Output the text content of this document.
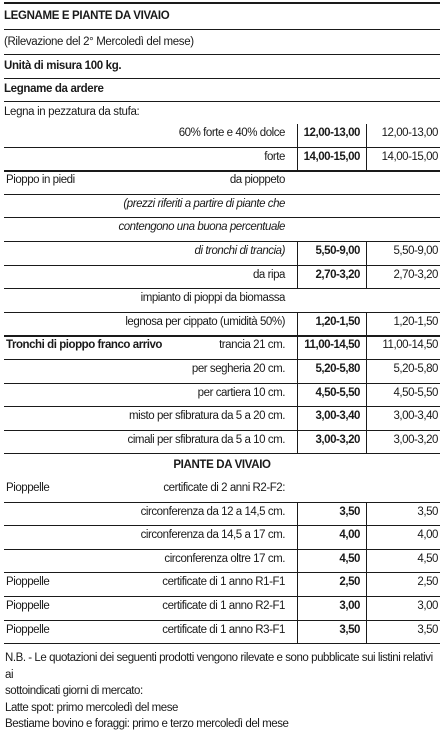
LEGNAME E PIANTE DA VIVAIO
(Rilevazione del 2° Mercoledì del mese)
Unità di misura 100 kg.
Legname da ardere
Legna in pezzatura da stufa:
60% forte e 40% dolce 12,00-13,00 12,00-13,00
forte 14,00-15,00 14,00-15,00
Pioppo in piedi	da pioppeto
(prezzi riferiti a partire di piante che
contengono una buona percentuale
di tronchi di trancia)	5,50-9,00	5,50-9,00
da ripa	2,70-3,20	2,70-3,20
impianto di pioppi da biomassa
legnosa per cippato (umidità 50%)	1,20-1,50	1,20-1,50
Tronchi di pioppo franco arrivo	trancia 21 cm. 11,00-14,50 11,00-14,50
per segheria 20 cm.	5,20-5,80	5,20-5,80
per cartiera 10 cm.	4,50-5,50	4,50-5,50
misto per sfibratura da 5 a 20 cm.	3,00-3,40	3,00-3,40
cimali per sfibratura da 5 a 10 cm.	3,00-3,20	3,00-3,20
PIANTE DA VIVAIO
Pioppelle	certificate di 2 anni R2-F2:
circonferenza da 12 a 14,5 cm.	3,50	3,50
circonferenza da 14,5 a 17 cm.	4,00	4,00
circonferenza oltre 17 cm.	4,50	4,50
Pioppelle	certificate di 1 anno R1-F1	2,50	2,50
Pioppelle	certificate di 1 anno R2-F1	3,00	3,00
Pioppelle	certificate di 1 anno R3-F1	3,50	3,50
N.B. - Le quotazioni dei seguenti prodotti vengono rilevate e sono pubblicate sui listini relativi ai
sottoindicati giorni di mercato:
Latte spot: primo mercoledì del mese
Bestiame bovino e foraggi: primo e terzo mercoledì del mese
